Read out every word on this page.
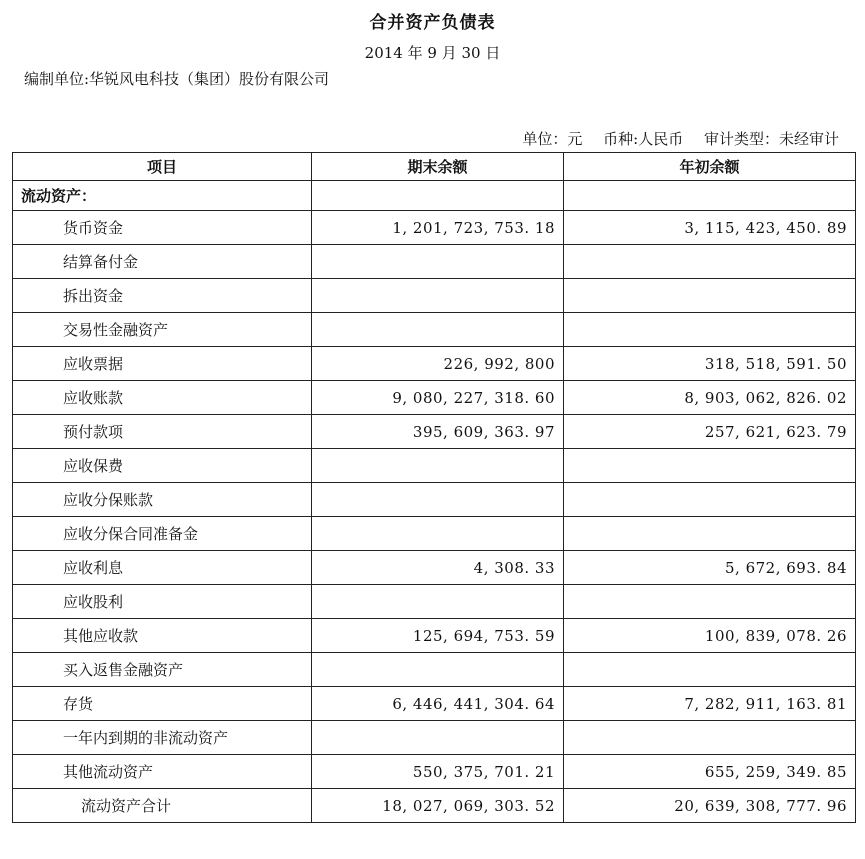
合并资产负债表
2014 年 9 月 30 日
编制单位:华锐风电科技（集团）股份有限公司
单位：元 币种:人民币 审计类型：未经审计
项目	期末余额	年初余额
流动资产：		
货币资金	1, 201, 723, 753. 18	3, 115, 423, 450. 89
结算备付金		
拆出资金		
交易性金融资产		
应收票据	226, 992, 800	318, 518, 591. 50
应收账款	9, 080, 227, 318. 60	8, 903, 062, 826. 02
预付款项	395, 609, 363. 97	257, 621, 623. 79
应收保费		
应收分保账款		
应收分保合同准备金		
应收利息	4, 308. 33	5, 672, 693. 84
应收股利		
其他应收款	125, 694, 753. 59	100, 839, 078. 26
买入返售金融资产		
存货	6, 446, 441, 304. 64	7, 282, 911, 163. 81
一年内到期的非流动资产		
其他流动资产	550, 375, 701. 21	655, 259, 349. 85
流动资产合计	18, 027, 069, 303. 52	20, 639, 308, 777. 96
